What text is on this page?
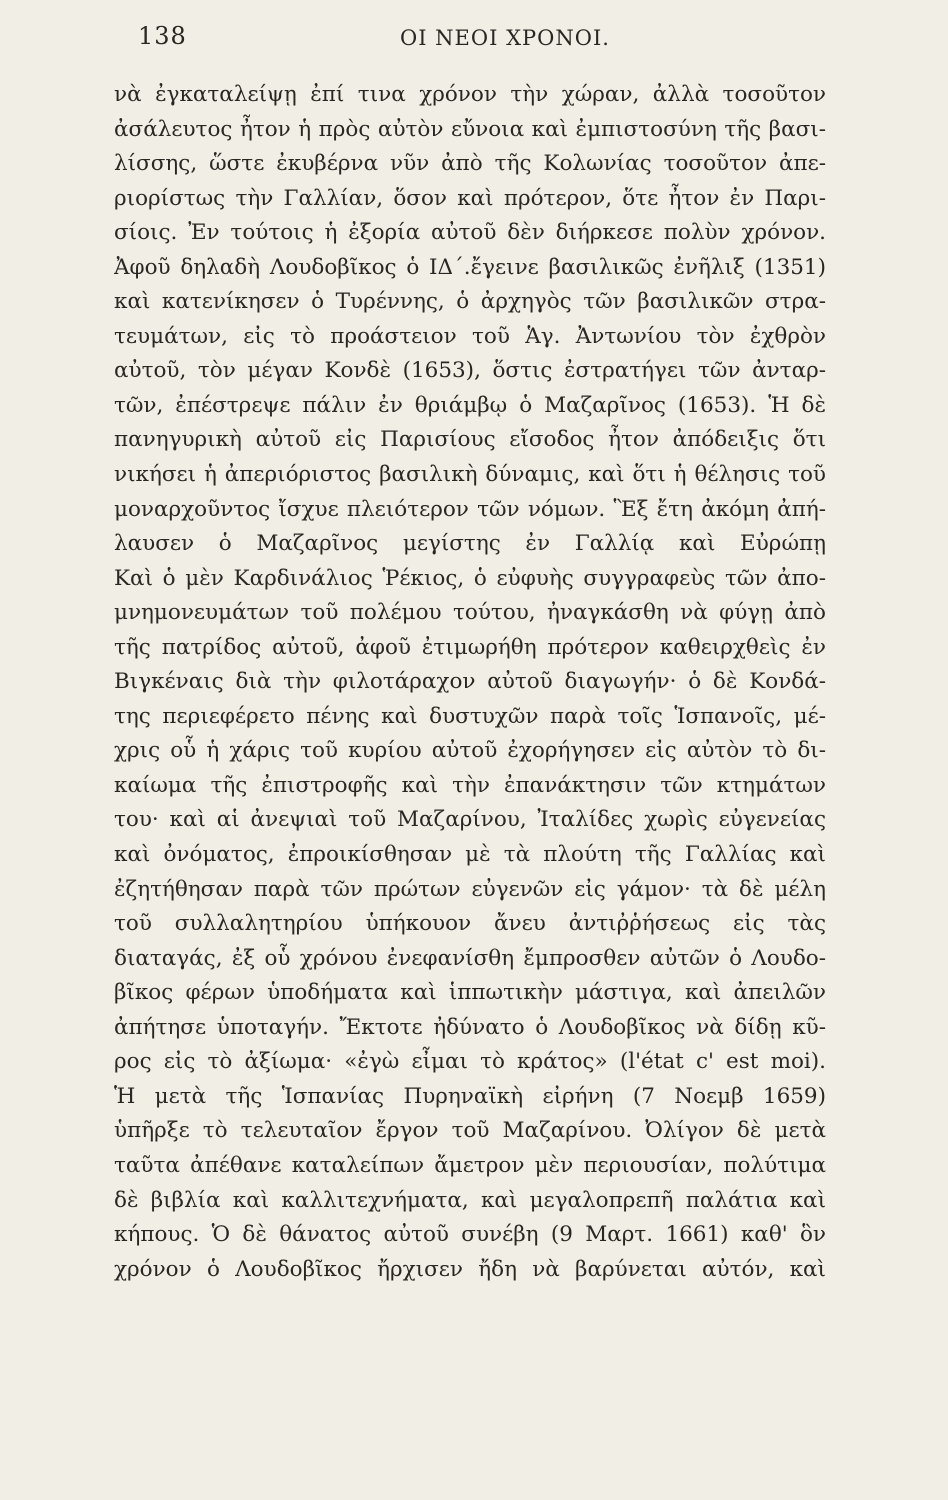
138	ΟΙ ΝΕΟΙ ΧΡΟΝΟΙ.
νὰ ἐγκαταλείψῃ ἐπί τινα χρόνον τὴν χώραν, ἀλλὰ τοσοῦτον
ἀσάλευτος ἦτον ἡ πρὸς αὐτὸν εὔνοια καὶ ἐμπιστοσύνη τῆς βασι-
λίσσης, ὥστε ἐκυβέρνα νῦν ἀπὸ τῆς Κολωνίας τοσοῦτον ἀπε-
ριορίστως τὴν Γαλλίαν, ὅσον καὶ πρότερον, ὅτε ἦτον ἐν Παρι-
σίοις. Ἐν τούτοις ἡ ἐξορία αὐτοῦ δὲν διήρκεσε πολὺν χρόνον.
Ἀφοῦ δηλαδὴ Λουδοβῖκος ὁ ΙΔ΄.ἔγεινε βασιλικῶς ἐνῆλιξ (1351)
καὶ κατενίκησεν ὁ Τυρέννης, ὁ ἀρχηγὸς τῶν βασιλικῶν στρα-
τευμάτων, εἰς τὸ προάστειον τοῦ Ἁγ. Ἀντωνίου τὸν ἐχθρὸν
αὐτοῦ, τὸν μέγαν Κονδὲ (1653), ὅστις ἐστρατήγει τῶν ἀνταρ-
τῶν, ἐπέστρεψε πάλιν ἐν θριάμβῳ ὁ Μαζαρῖνος (1653). Ἡ δὲ
πανηγυρικὴ αὐτοῦ εἰς Παρισίους εἴσοδος ἦτον ἀπόδειξις ὅτι
νικήσει ἡ ἀπεριόριστος βασιλικὴ δύναμις, καὶ ὅτι ἡ θέλησις τοῦ
μοναρχοῦντος ἴσχυε πλειότερον τῶν νόμων. Ἓξ ἔτη ἀκόμη ἀπή-
λαυσεν ὁ Μαζαρῖνος μεγίστης ἐν Γαλλίᾳ καὶ Εὐρώπῃ
Καὶ ὁ μὲν Καρδινάλιος Ῥέκιος, ὁ εὐφυὴς συγγραφεὺς τῶν ἀπο-
μνημονευμάτων τοῦ πολέμου τούτου, ἠναγκάσθη νὰ φύγῃ ἀπὸ
τῆς πατρίδος αὐτοῦ, ἀφοῦ ἐτιμωρήθη πρότερον καθειρχθεὶς ἐν
Βιγκέναις διὰ τὴν φιλοτάραχον αὐτοῦ διαγωγήν· ὁ δὲ Κονδά-
της περιεφέρετο πένης καὶ δυστυχῶν παρὰ τοῖς Ἱσπανοῖς, μέ-
χρις οὗ ἡ χάρις τοῦ κυρίου αὐτοῦ ἐχορήγησεν εἰς αὐτὸν τὸ δι-
καίωμα τῆς ἐπιστροφῆς καὶ τὴν ἐπανάκτησιν τῶν κτημάτων
του· καὶ αἱ ἀνεψιαὶ τοῦ Μαζαρίνου, Ἰταλίδες χωρὶς εὐγενείας
καὶ ὀνόματος, ἐπροικίσθησαν μὲ τὰ πλούτη τῆς Γαλλίας καὶ
ἐζητήθησαν παρὰ τῶν πρώτων εὐγενῶν εἰς γάμον· τὰ δὲ μέλη
τοῦ συλλαλητηρίου ὑπήκουον ἄνευ ἀντιῤῥήσεως εἰς τὰς
διαταγάς, ἐξ οὗ χρόνου ἐνεφανίσθη ἔμπροσθεν αὐτῶν ὁ Λουδο-
βῖκος φέρων ὑποδήματα καὶ ἱππωτικὴν μάστιγα, καὶ ἀπειλῶν
ἀπήτησε ὑποταγήν. Ἔκτοτε ἠδύνατο ὁ Λουδοβῖκος νὰ δίδῃ κῦ-
ρος εἰς τὸ ἀξίωμα· «ἐγὼ εἶμαι τὸ κράτος» (l'état c' est moi).
Ἡ μετὰ τῆς Ἱσπανίας Πυρηναϊκὴ εἰρήνη (7 Νοεμβ 1659)
ὑπῆρξε τὸ τελευταῖον ἔργον τοῦ Μαζαρίνου. Ὀλίγον δὲ μετὰ
ταῦτα ἀπέθανε καταλείπων ἄμετρον μὲν περιουσίαν, πολύτιμα
δὲ βιβλία καὶ καλλιτεχνήματα, καὶ μεγαλοπρεπῆ παλάτια καὶ
κήπους. Ὁ δὲ θάνατος αὐτοῦ συνέβη (9 Μαρτ. 1661) καθ' ὃν
χρόνον ὁ Λουδοβῖκος ἤρχισεν ἤδη νὰ βαρύνεται αὐτόν, καὶ
